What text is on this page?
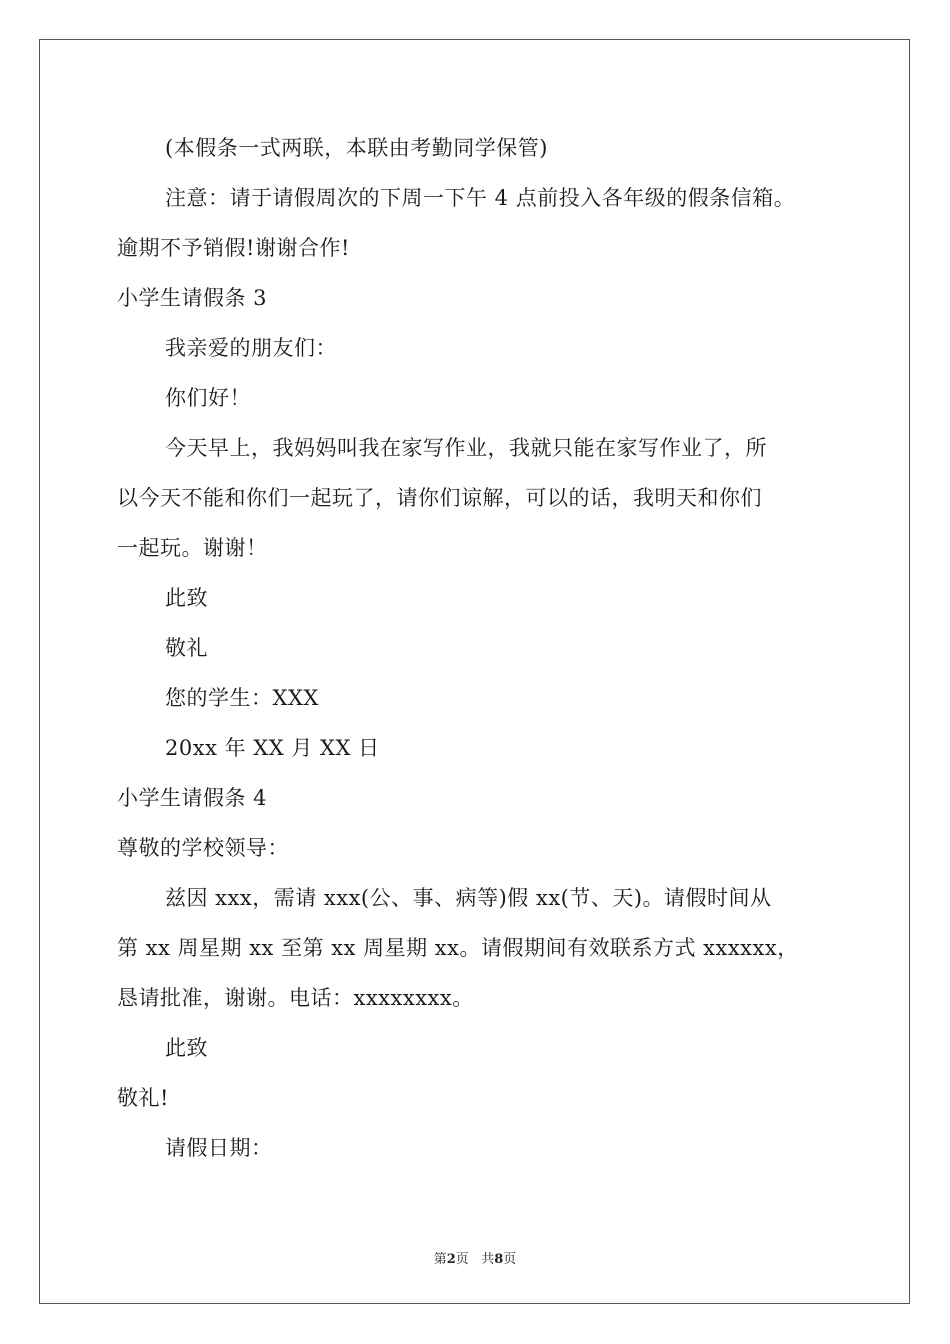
(本假条一式两联，本联由考勤同学保管)
注意：请于请假周次的下周一下午 4 点前投入各年级的假条信箱。
逾期不予销假!谢谢合作!
小学生请假条 3
我亲爱的朋友们：
你们好！
今天早上，我妈妈叫我在家写作业，我就只能在家写作业了，所
以今天不能和你们一起玩了，请你们谅解，可以的话，我明天和你们
一起玩。谢谢！
此致
敬礼
您的学生：XXX
20xx 年 XX 月 XX 日
小学生请假条 4
尊敬的学校领导：
兹因 xxx，需请 xxx(公、事、病等)假 xx(节、天)。请假时间从
第 xx 周星期 xx 至第 xx 周星期 xx。请假期间有效联系方式 xxxxxx，
恳请批准，谢谢。电话：xxxxxxxx。
此致
敬礼!
请假日期：
第2页 共8页
